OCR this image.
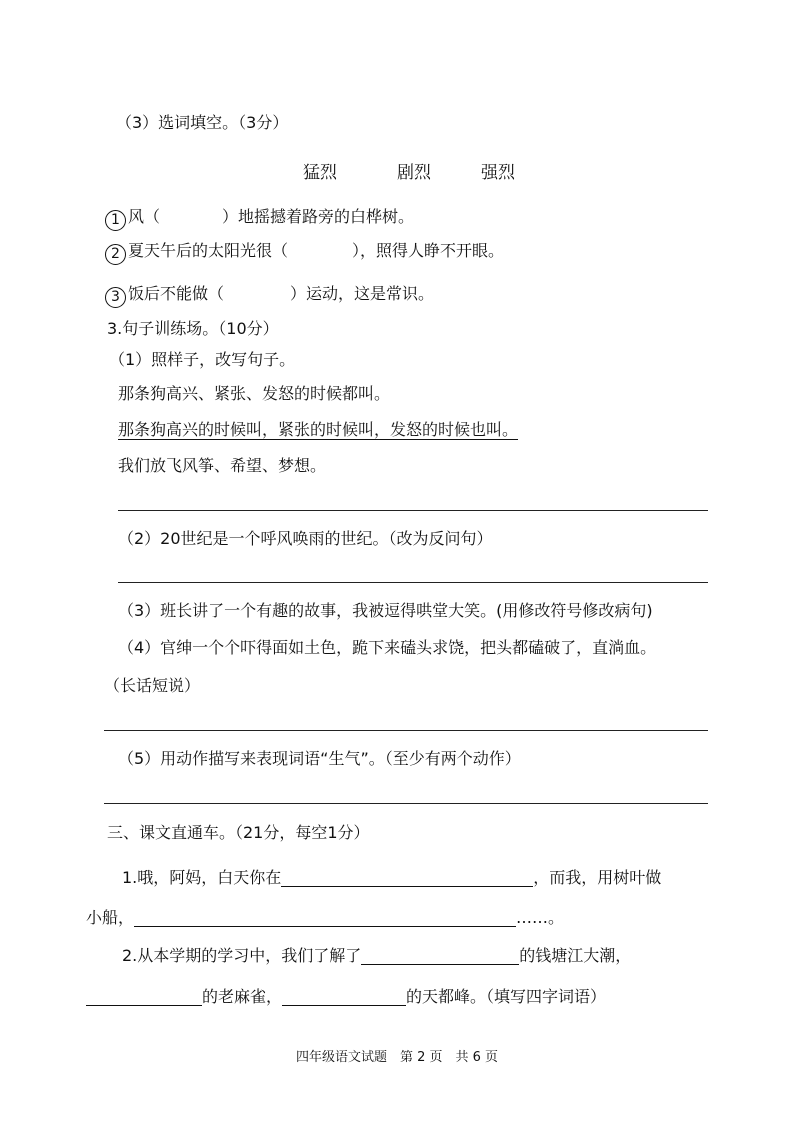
（3）选词填空。（3分）
猛烈	剧烈	强烈
1 风（	）地摇撼着路旁的白桦树。
2 夏天午后的太阳光很（	），照得人睁不开眼。
3 饭后不能做（	）运动，这是常识。
3.句子训练场。（10分）
（1）照样子，改写句子。
那条狗高兴、紧张、发怒的时候都叫。
那条狗高兴的时候叫，紧张的时候叫，发怒的时候也叫。
我们放飞风筝、希望、梦想。
（2）20世纪是一个呼风唤雨的世纪。（改为反问句）
（3）班长讲了一个有趣的故事，我被逗得哄堂大笑。(用修改符号修改病句)
（4）官绅一个个吓得面如土色，跪下来磕头求饶，把头都磕破了，直淌血。
（长话短说）
（5）用动作描写来表现词语“生气”。（至少有两个动作）
三、课文直通车。（21分，每空1分）
1.哦，阿妈，白天你在	，而我，用树叶做
小船，	……。
2.从本学期的学习中，我们了解了	的钱塘江大潮，
的老麻雀，	的天都峰。（填写四字词语）
四年级语文试题　第 2 页　共 6 页
